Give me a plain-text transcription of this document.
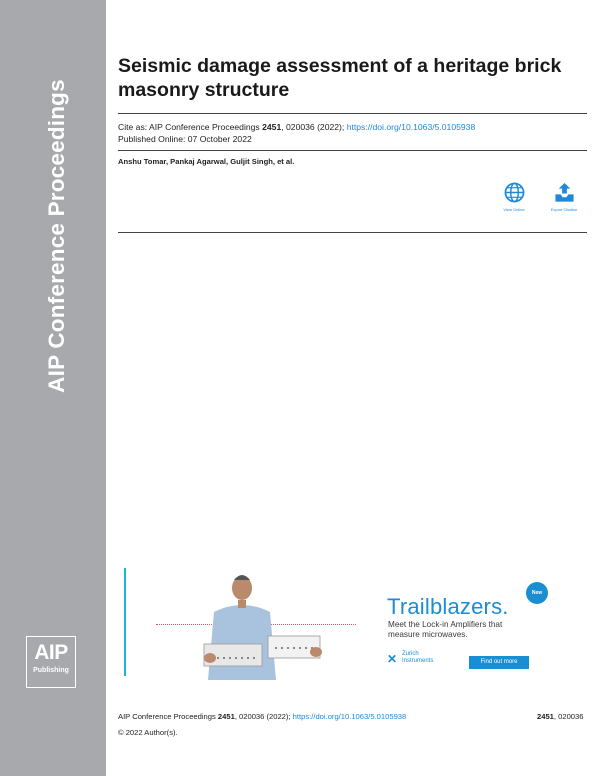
AIP Conference Proceedings
AIP
Publishing
Seismic damage assessment of a heritage brick masonry structure
Cite as: AIP Conference Proceedings 2451, 020036 (2022); https://doi.org/10.1063/5.0105938
Published Online: 07 October 2022
Anshu Tomar, Pankaj Agarwal, Guljit Singh, et al.
View Online	Export Citation
New
Trailblazers.
Meet the Lock-in Amplifiers that
measure microwaves.
✕ Zurich
Instruments	Find out more
AIP Conference Proceedings 2451, 020036 (2022); https://doi.org/10.1063/5.0105938	2451, 020036
© 2022 Author(s).
